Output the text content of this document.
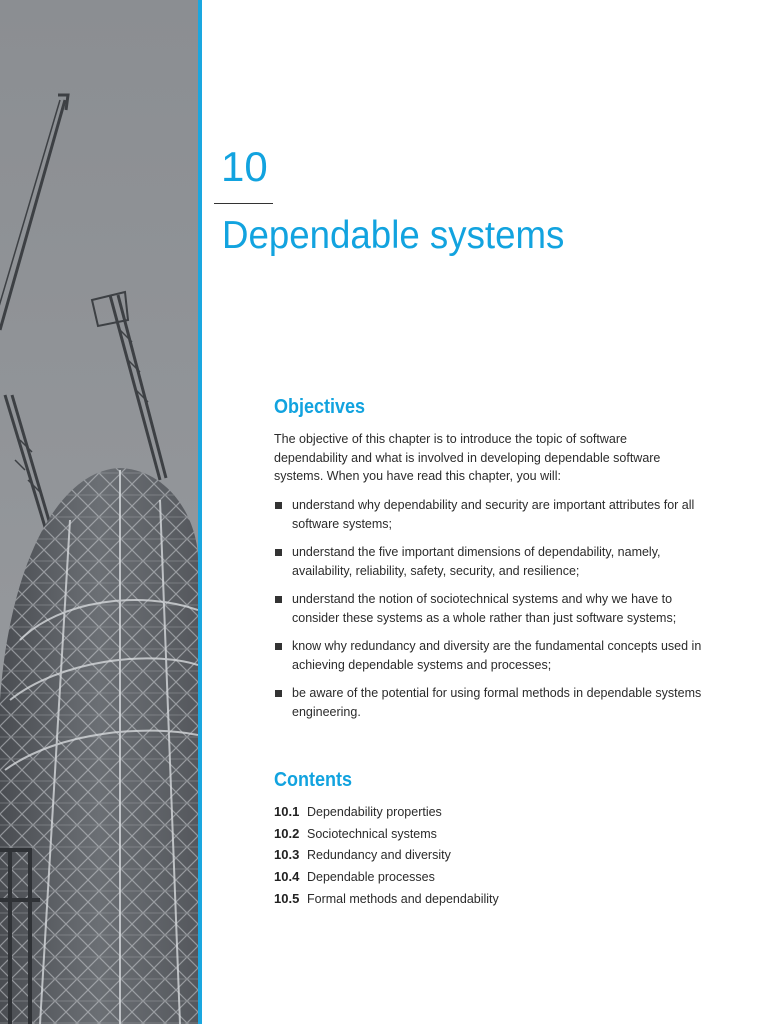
10
Dependable systems
Objectives
The objective of this chapter is to introduce the topic of software dependability and what is involved in developing dependable software systems. When you have read this chapter, you will:
understand why dependability and security are important attributes for all software systems;
understand the five important dimensions of dependability, namely, availability, reliability, safety, security, and resilience;
understand the notion of sociotechnical systems and why we have to consider these systems as a whole rather than just software systems;
know why redundancy and diversity are the fundamental concepts used in achieving dependable systems and processes;
be aware of the potential for using formal methods in dependable systems engineering.
Contents
10.1 Dependability properties
10.2 Sociotechnical systems
10.3 Redundancy and diversity
10.4 Dependable processes
10.5 Formal methods and dependability
